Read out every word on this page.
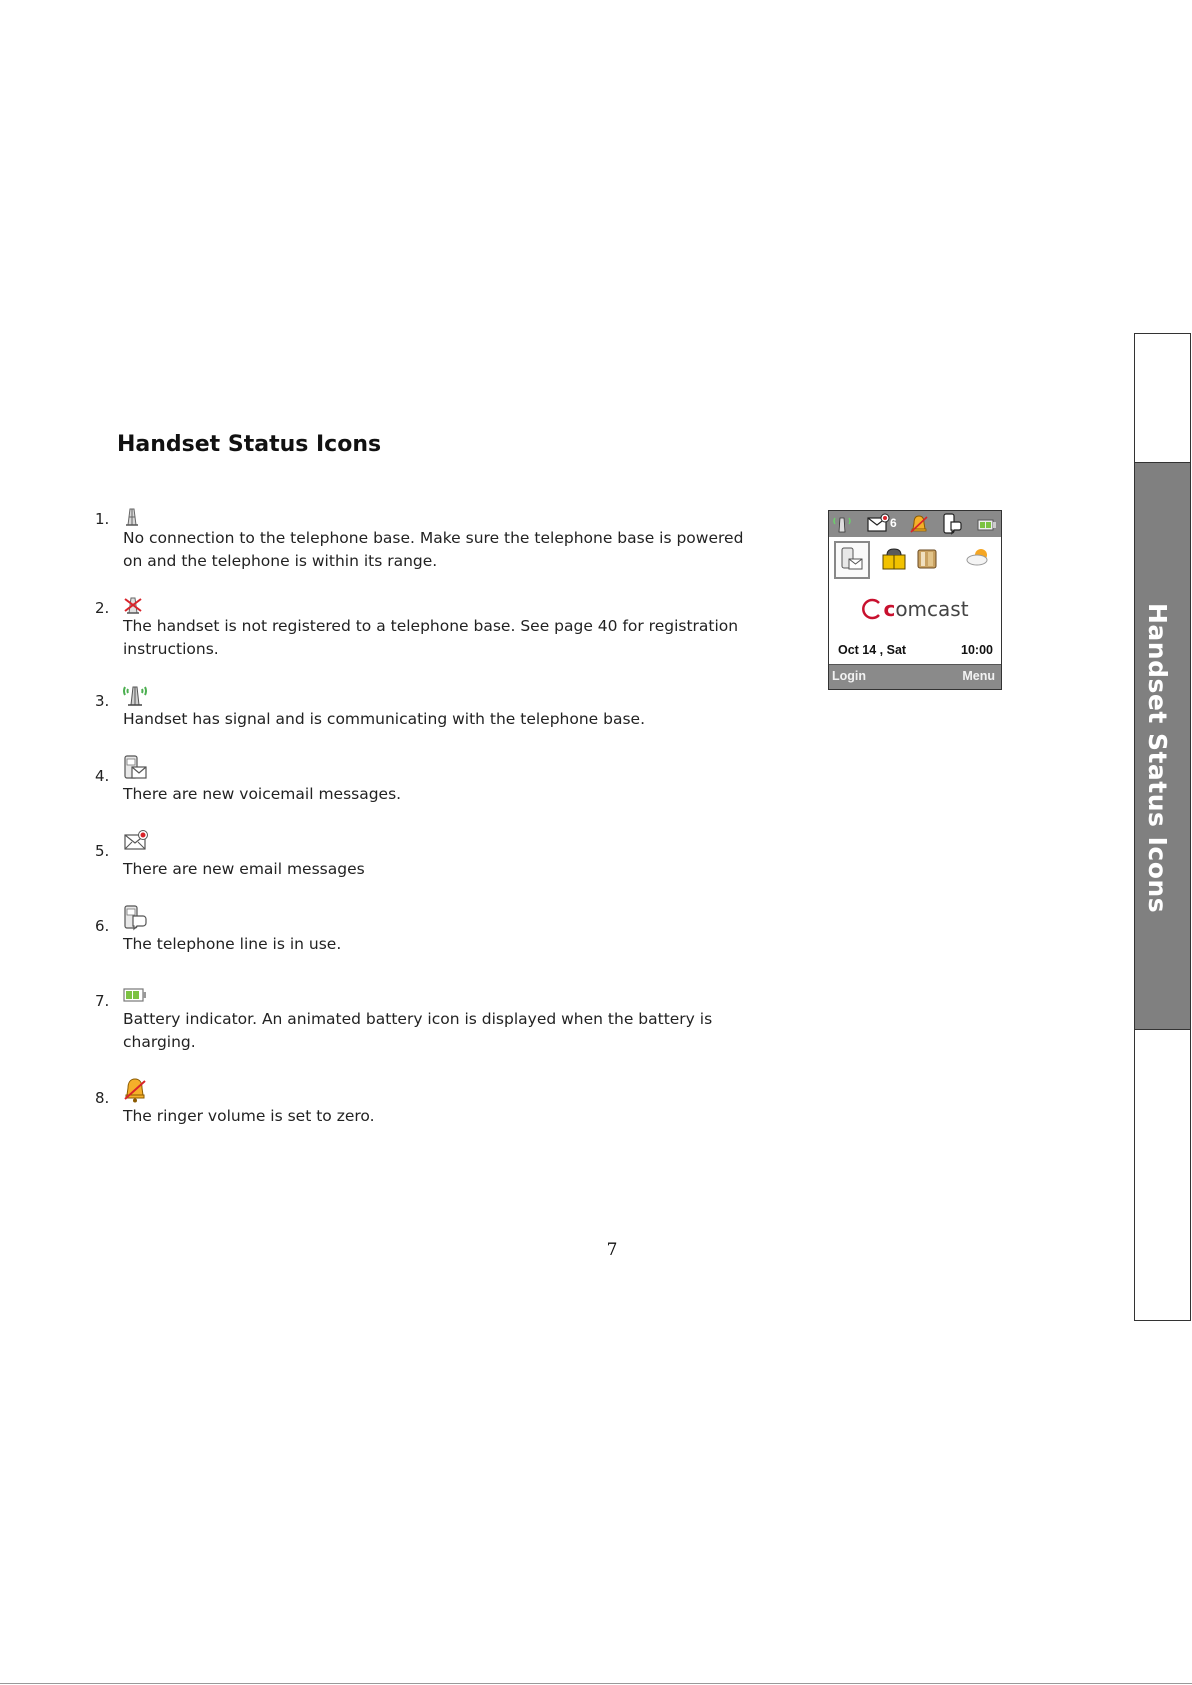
Handset Status Icons
1.
No connection to the telephone base. Make sure the telephone base is powered on and the telephone is within its range.
2.
The handset is not registered to a telephone base. See page 40 for registration instructions.
3.
Handset has signal and is communicating with the telephone base.
4.
There are new voicemail messages.
5.
There are new email messages
6.
The telephone line is in use.
7.
Battery indicator. An animated battery icon is displayed when the battery is charging.
8.
The ringer volume is set to zero.
6
comcast
Oct 14 , Sat	10:00
Login	Menu	Handset Status Icons
7
